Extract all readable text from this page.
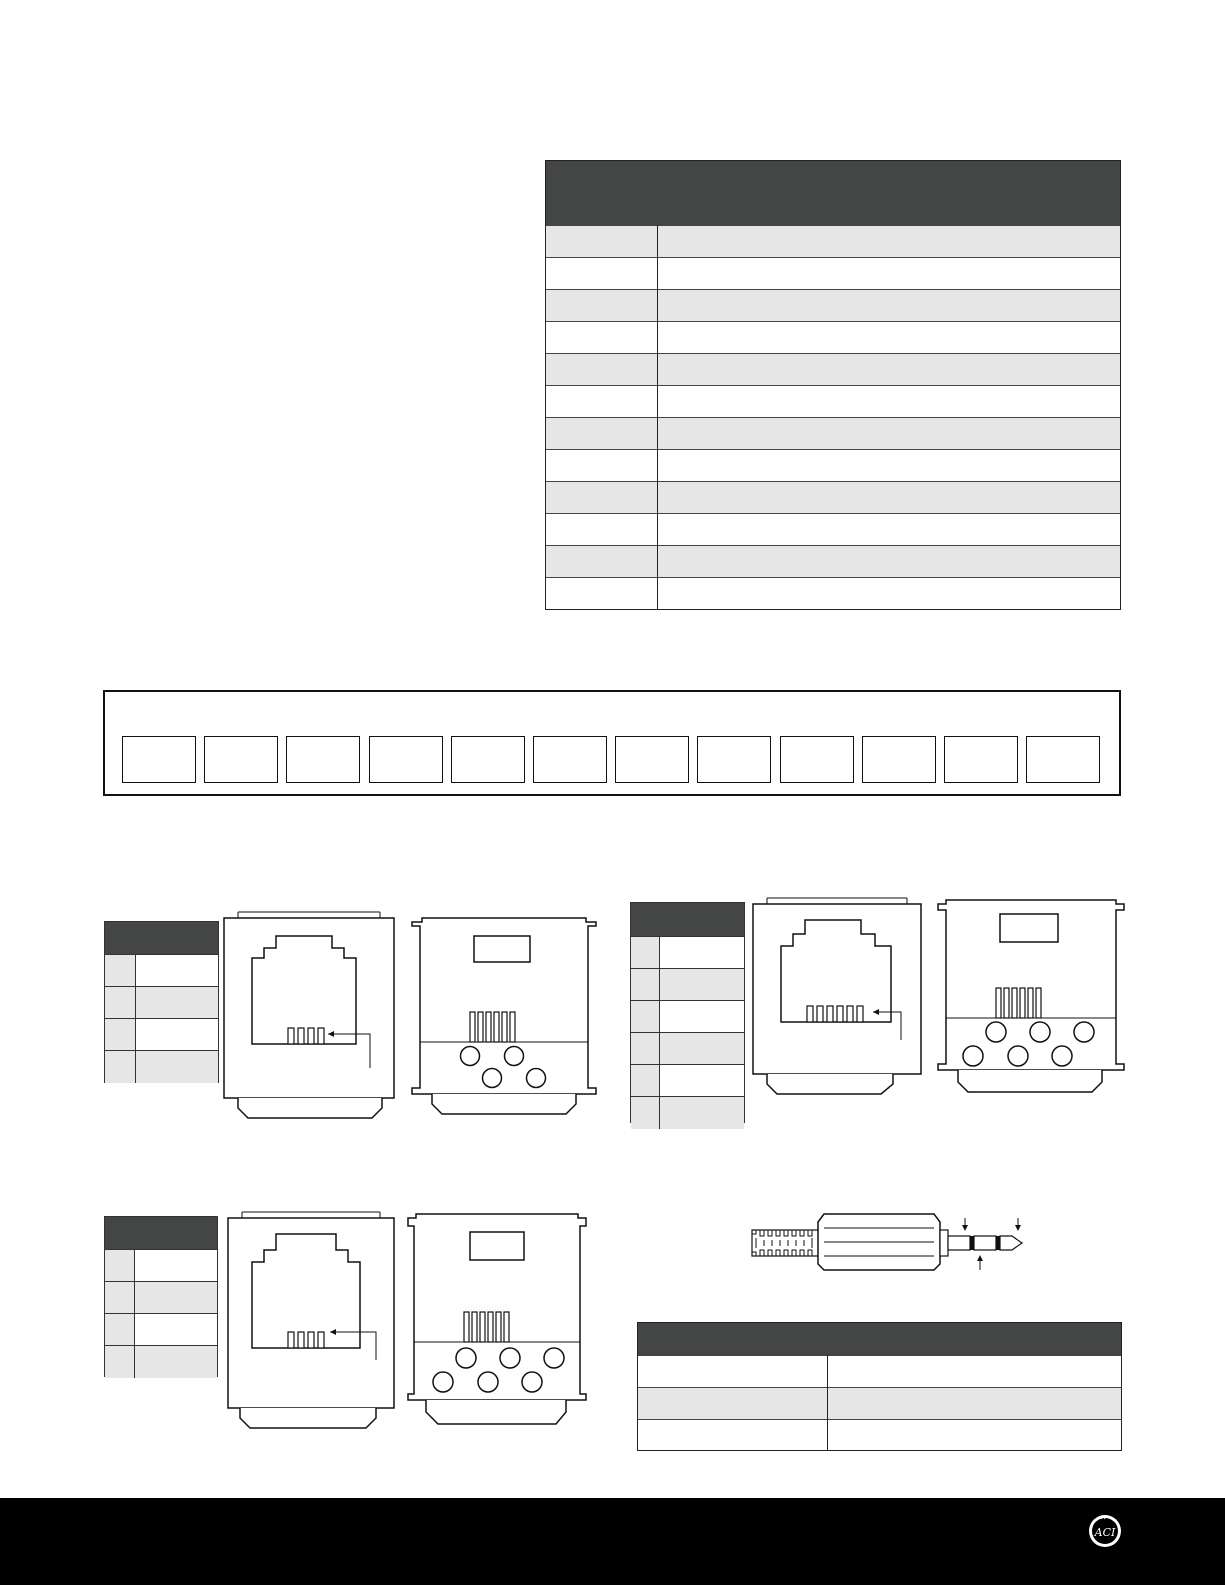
ACI
